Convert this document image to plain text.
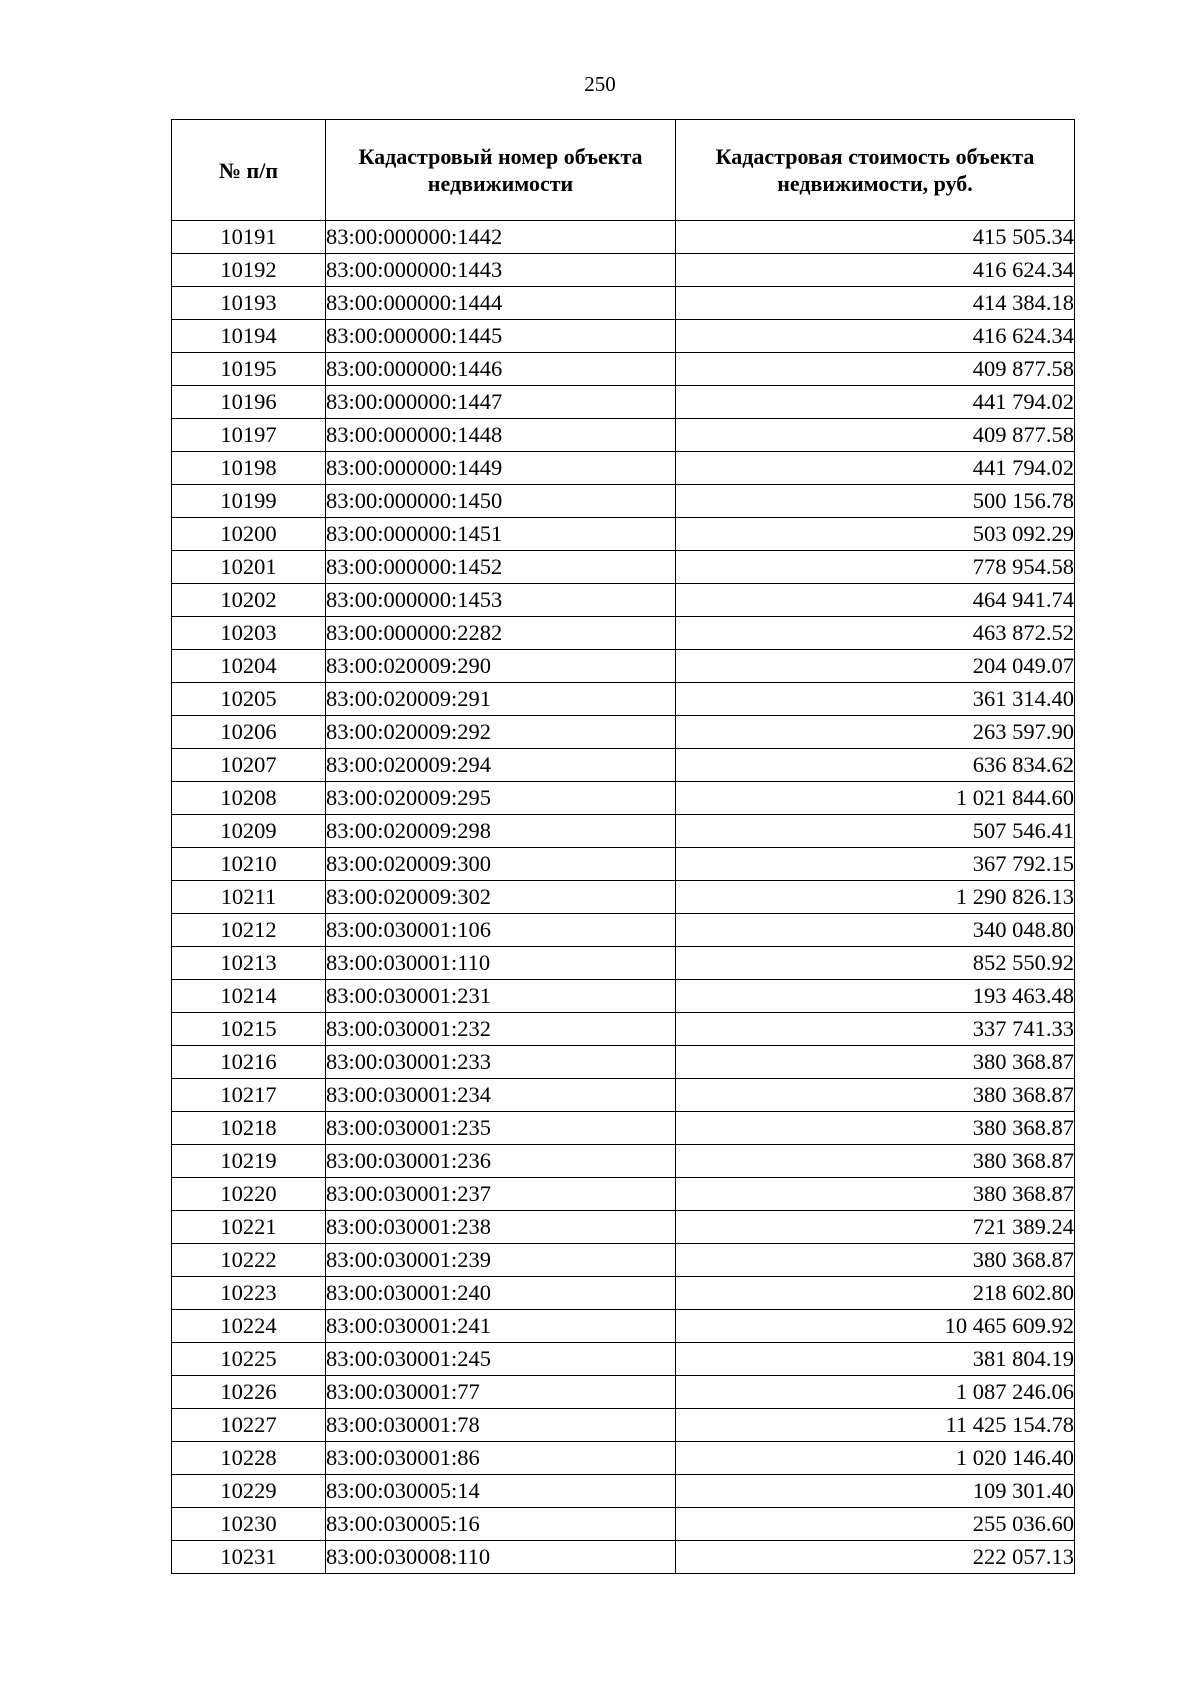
250
№ п/п	Кадастровый номер объекта недвижимости	Кадастровая стоимость объекта недвижимости, руб.
10191	83:00:000000:1442	415 505.34
10192	83:00:000000:1443	416 624.34
10193	83:00:000000:1444	414 384.18
10194	83:00:000000:1445	416 624.34
10195	83:00:000000:1446	409 877.58
10196	83:00:000000:1447	441 794.02
10197	83:00:000000:1448	409 877.58
10198	83:00:000000:1449	441 794.02
10199	83:00:000000:1450	500 156.78
10200	83:00:000000:1451	503 092.29
10201	83:00:000000:1452	778 954.58
10202	83:00:000000:1453	464 941.74
10203	83:00:000000:2282	463 872.52
10204	83:00:020009:290	204 049.07
10205	83:00:020009:291	361 314.40
10206	83:00:020009:292	263 597.90
10207	83:00:020009:294	636 834.62
10208	83:00:020009:295	1 021 844.60
10209	83:00:020009:298	507 546.41
10210	83:00:020009:300	367 792.15
10211	83:00:020009:302	1 290 826.13
10212	83:00:030001:106	340 048.80
10213	83:00:030001:110	852 550.92
10214	83:00:030001:231	193 463.48
10215	83:00:030001:232	337 741.33
10216	83:00:030001:233	380 368.87
10217	83:00:030001:234	380 368.87
10218	83:00:030001:235	380 368.87
10219	83:00:030001:236	380 368.87
10220	83:00:030001:237	380 368.87
10221	83:00:030001:238	721 389.24
10222	83:00:030001:239	380 368.87
10223	83:00:030001:240	218 602.80
10224	83:00:030001:241	10 465 609.92
10225	83:00:030001:245	381 804.19
10226	83:00:030001:77	1 087 246.06
10227	83:00:030001:78	11 425 154.78
10228	83:00:030001:86	1 020 146.40
10229	83:00:030005:14	109 301.40
10230	83:00:030005:16	255 036.60
10231	83:00:030008:110	222 057.13
